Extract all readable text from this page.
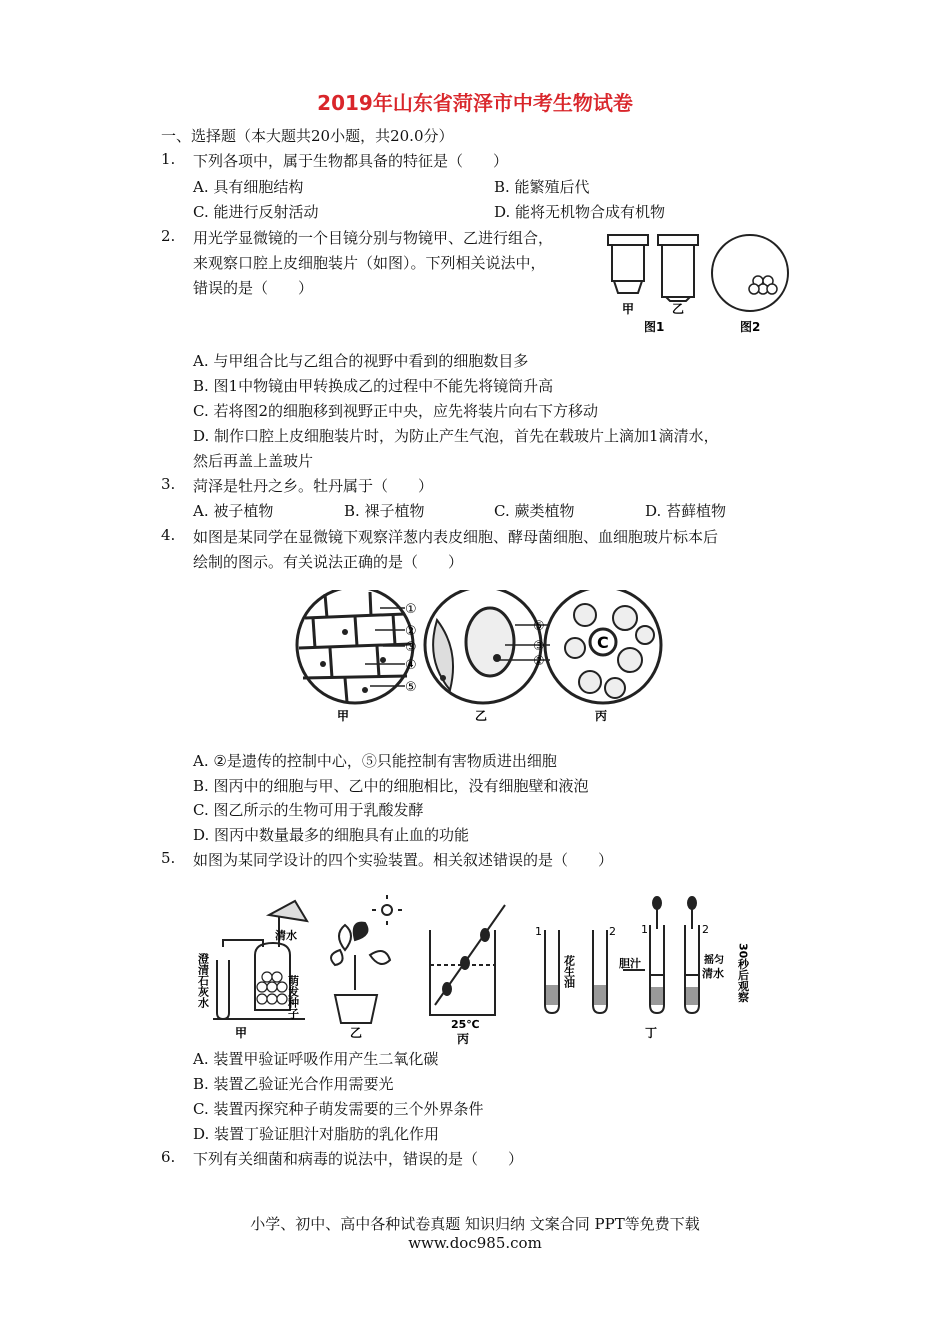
2019年山东省菏泽市中考生物试卷
一、选择题（本大题共20小题，共20.0分）
1.	下列各项中，属于生物都具备的特征是（　　）
A. 具有细胞结构	B. 能繁殖后代
C. 能进行反射活动	D. 能将无机物合成有机物
2.	用光学显微镜的一个目镜分别与物镜甲、乙进行组合，
来观察口腔上皮细胞装片（如图）。下列相关说法中，
错误的是（　　）
甲	乙
图1	图2
A. 与甲组合比与乙组合的视野中看到的细胞数目多
B. 图1中物镜由甲转换成乙的过程中不能先将镜筒升高
C. 若将图2的细胞移到视野正中央，应先将装片向右下方移动
D. 制作口腔上皮细胞装片时，为防止产生气泡，首先在载玻片上滴加1滴清水，
然后再盖上盖玻片
3.	菏泽是牡丹之乡。牡丹属于（　　）
A. 被子植物	B. 裸子植物	C. 蕨类植物	D. 苔藓植物
4.	如图是某同学在显微镜下观察洋葱内表皮细胞、酵母菌细胞、血细胞玻片标本后
绘制的图示。有关说法正确的是（　　）
C
①
②
③
④
⑤
⑤
③
②
甲	乙	丙
A. ②是遗传的控制中心，⑤只能控制有害物质进出细胞
B. 图丙中的细胞与甲、乙中的细胞相比，没有细胞壁和液泡
C. 图乙所示的生物可用于乳酸发酵
D. 图丙中数量最多的细胞具有止血的功能
5.	如图为某同学设计的四个实验装置。相关叙述错误的是（　　）
清水
萌发种子
澄清石灰水
甲	乙
25℃
丙
1	2 1	2
花生油	胆汁	摇匀
清水 30秒后观察
丁
A. 装置甲验证呼吸作用产生二氧化碳
B. 装置乙验证光合作用需要光
C. 装置丙探究种子萌发需要的三个外界条件
D. 装置丁验证胆汁对脂肪的乳化作用
6.	下列有关细菌和病毒的说法中，错误的是（　　）
小学、初中、高中各种试卷真题 知识归纳 文案合同 PPT等免费下载
www.doc985.com
